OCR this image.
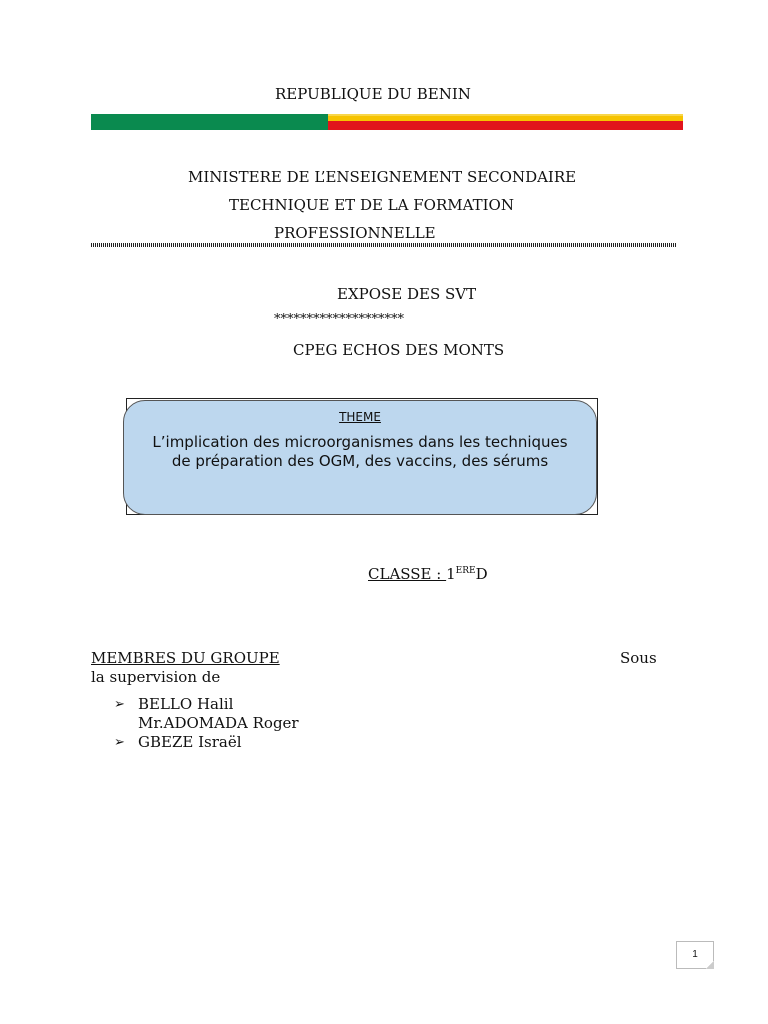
REPUBLIQUE DU BENIN
MINISTERE DE L’ENSEIGNEMENT SECONDAIRE
TECHNIQUE ET DE LA FORMATION
PROFESSIONNELLE
EXPOSE DES SVT
********************
CPEG ECHOS DES MONTS
THEME
L’implication des microorganismes dans les techniques de préparation des OGM, des vaccins, des sérums
CLASSE : 1ERED
MEMBRES DU GROUPE	Sous
la supervision de
➢ BELLO Halil
Mr.ADOMADA Roger
➢ GBEZE Israël
1
